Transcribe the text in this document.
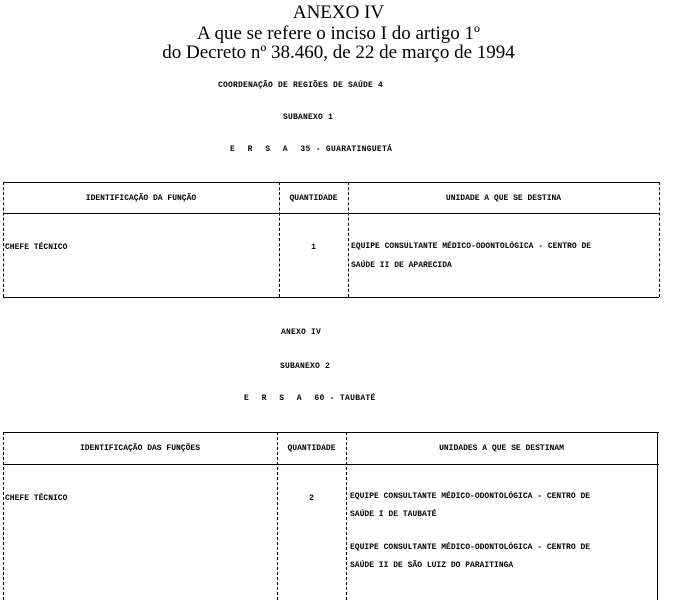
ANEXO IV
A que se refere o inciso I do artigo 1º
do Decreto nº 38.460, de 22 de março de 1994
COORDENAÇÃO DE REGIÕES DE SAÚDE 4
SUBANEXO 1
E R S A 35 - GUARATINGUETÁ
IDENTIFICAÇÃO DA FUNÇÃO	QUANTIDADE	UNIDADE A QUE SE DESTINA
CHEFE TÉCNICO	1	EQUIPE CONSULTANTE MÉDICO-ODONTOLÓGICA - CENTRO DE
SAÚDE II DE APARECIDA
ANEXO IV
SUBANEXO 2
E R S A 60 - TAUBATÉ
IDENTIFICAÇÃO DAS FUNÇÕES	QUANTIDADE	UNIDADES A QUE SE DESTINAM
CHEFE TÉCNICO	2	EQUIPE CONSULTANTE MÉDICO-ODONTOLÓGICA - CENTRO DE
SAÚDE I DE TAUBATÉ
EQUIPE CONSULTANTE MÉDICO-ODONTOLÓGICA - CENTRO DE
SAÚDE II DE SÃO LUIZ DO PARAITINGA
